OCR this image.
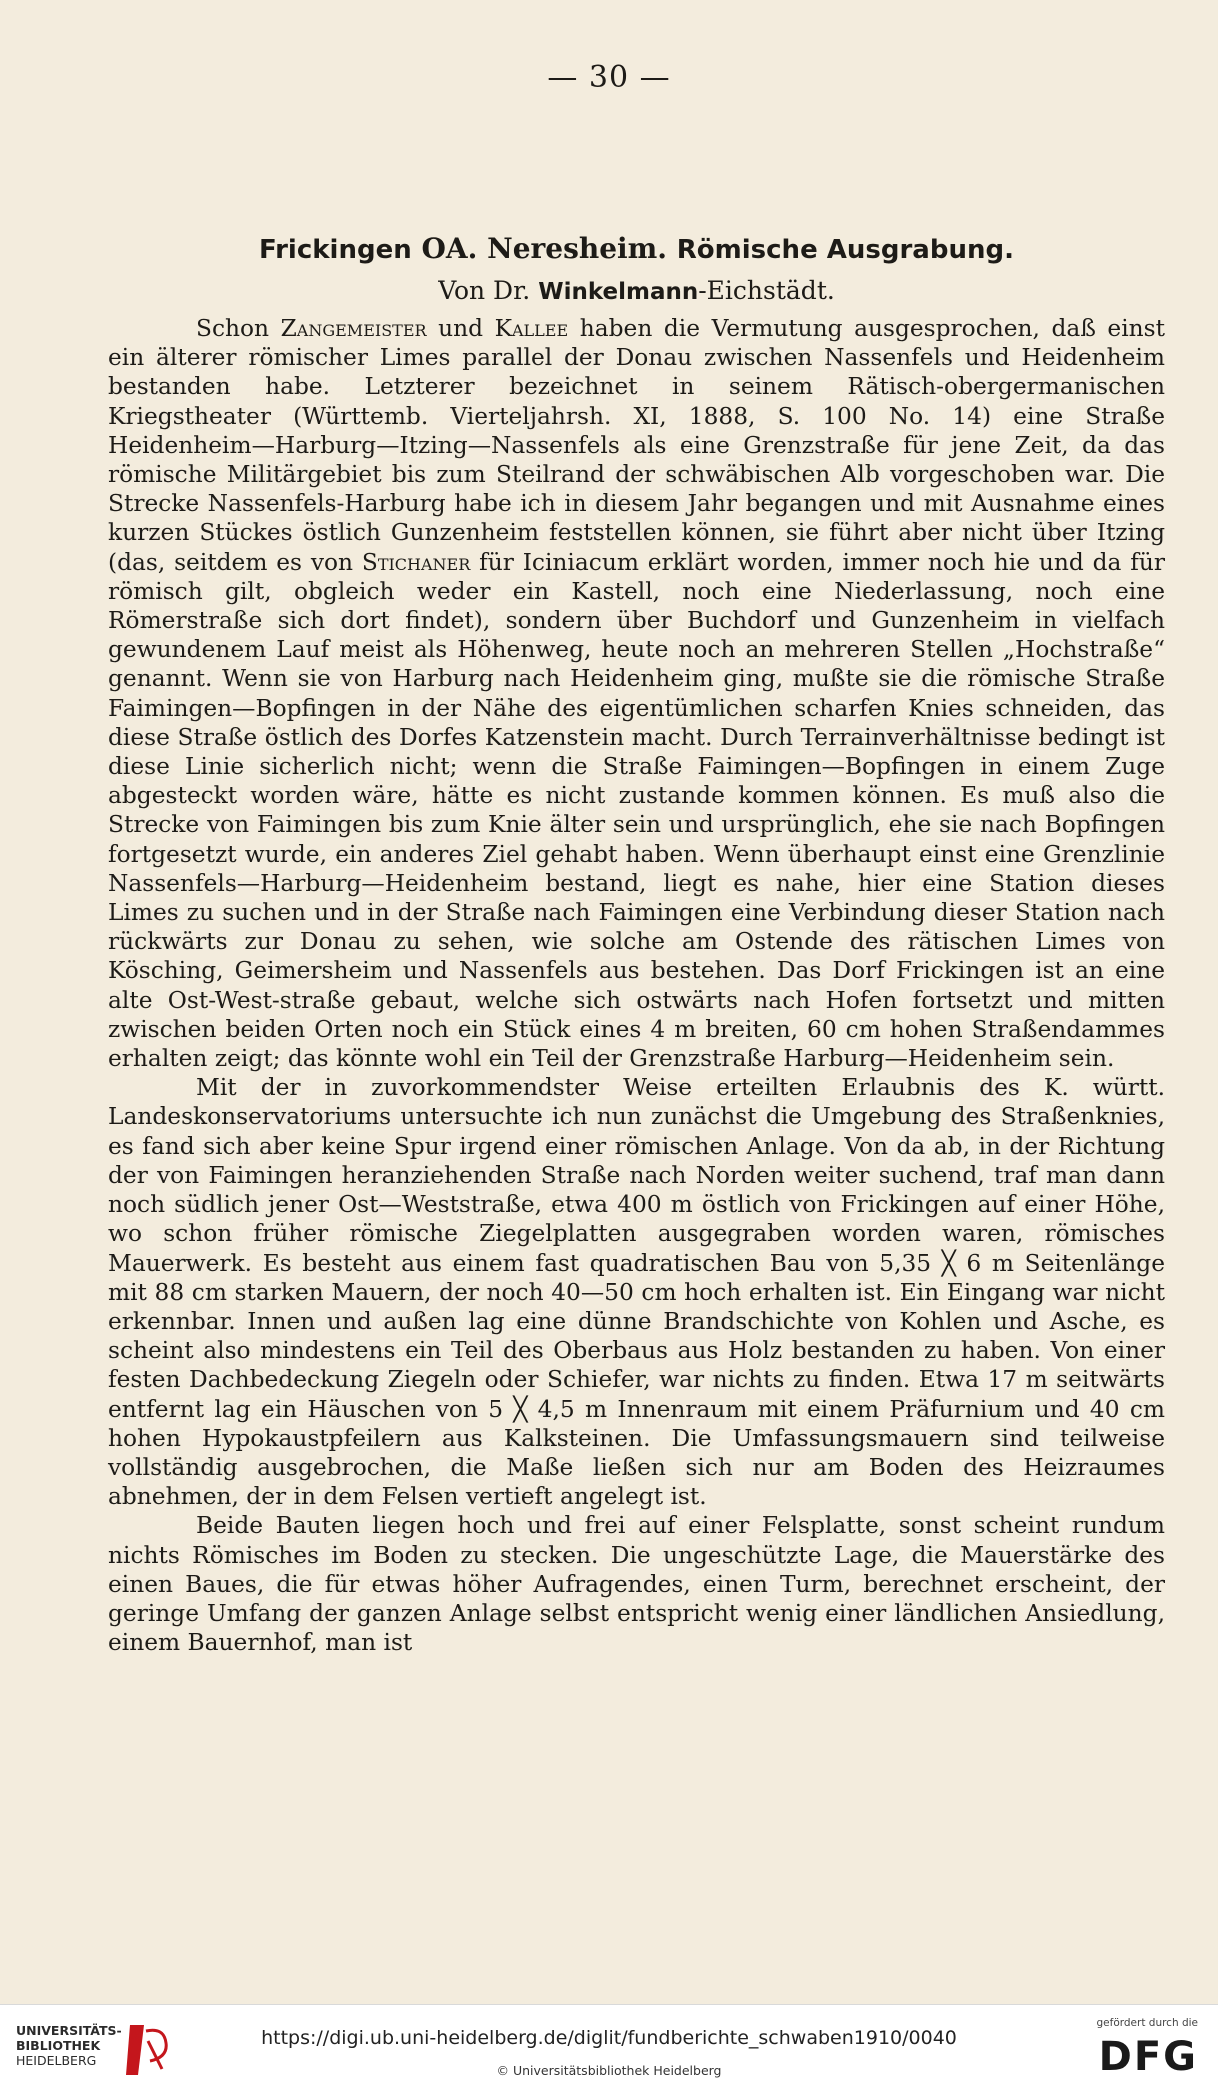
— 30 —
Frickingen OA. Neresheim. Römische Ausgrabung.
Von Dr. Winkelmann-Eichstädt.

Schon Zangemeister und Kallee haben die Vermutung ausgesprochen, daß einst ein älterer römischer Limes parallel der Donau zwischen Nassenfels und Heidenheim bestanden habe. Letzterer bezeichnet in seinem Rätisch-obergermanischen Kriegstheater (Württemb. Vierteljahrsh. XI, 1888, S. 100 No. 14) eine Straße Heidenheim—Harburg—Itzing—Nassenfels als eine Grenzstraße für jene Zeit, da das römische Militärgebiet bis zum Steilrand der schwäbischen Alb vorgeschoben war. Die Strecke Nassenfels-Harburg habe ich in diesem Jahr begangen und mit Ausnahme eines kurzen Stückes östlich Gunzenheim feststellen können, sie führt aber nicht über Itzing (das, seitdem es von Stichaner für Iciniacum erklärt worden, immer noch hie und da für römisch gilt, obgleich weder ein Kastell, noch eine Niederlassung, noch eine Römerstraße sich dort findet), sondern über Buchdorf und Gunzenheim in vielfach gewundenem Lauf meist als Höhenweg, heute noch an mehreren Stellen „Hochstraße“ genannt. Wenn sie von Harburg nach Heidenheim ging, mußte sie die römische Straße Faimingen—Bopfingen in der Nähe des eigentümlichen scharfen Knies schneiden, das diese Straße östlich des Dorfes Katzenstein macht. Durch Terrainverhältnisse bedingt ist diese Linie sicherlich nicht; wenn die Straße Faimingen—Bopfingen in einem Zuge abgesteckt worden wäre, hätte es nicht zustande kommen können. Es muß also die Strecke von Faimingen bis zum Knie älter sein und ursprünglich, ehe sie nach Bopfingen fortgesetzt wurde, ein anderes Ziel gehabt haben. Wenn überhaupt einst eine Grenzlinie Nassenfels—Harburg—Heidenheim bestand, liegt es nahe, hier eine Station dieses Limes zu suchen und in der Straße nach Faimingen eine Verbindung dieser Station nach rückwärts zur Donau zu sehen, wie solche am Ostende des rätischen Limes von Kösching, Geimersheim und Nassenfels aus bestehen. Das Dorf Frickingen ist an eine alte Ost-West-straße gebaut, welche sich ostwärts nach Hofen fortsetzt und mitten zwischen beiden Orten noch ein Stück eines 4 m breiten, 60 cm hohen Straßendammes erhalten zeigt; das könnte wohl ein Teil der Grenzstraße Harburg—Heidenheim sein.

Mit der in zuvorkommendster Weise erteilten Erlaubnis des K. württ. Landeskonservatoriums untersuchte ich nun zunächst die Umgebung des Straßenknies, es fand sich aber keine Spur irgend einer römischen Anlage. Von da ab, in der Richtung der von Faimingen heranziehenden Straße nach Norden weiter suchend, traf man dann noch südlich jener Ost—Weststraße, etwa 400 m östlich von Frickingen auf einer Höhe, wo schon früher römische Ziegelplatten ausgegraben worden waren, römisches Mauerwerk. Es besteht aus einem fast quadratischen Bau von 5,35 ╳ 6 m Seitenlänge mit 88 cm starken Mauern, der noch 40—50 cm hoch erhalten ist. Ein Eingang war nicht erkennbar. Innen und außen lag eine dünne Brandschichte von Kohlen und Asche, es scheint also mindestens ein Teil des Oberbaus aus Holz bestanden zu haben. Von einer festen Dachbedeckung Ziegeln oder Schiefer, war nichts zu finden. Etwa 17 m seitwärts entfernt lag ein Häuschen von 5 ╳ 4,5 m Innenraum mit einem Präfurnium und 40 cm hohen Hypokaustpfeilern aus Kalksteinen. Die Umfassungsmauern sind teilweise vollständig ausgebrochen, die Maße ließen sich nur am Boden des Heizraumes abnehmen, der in dem Felsen vertieft angelegt ist.

Beide Bauten liegen hoch und frei auf einer Felsplatte, sonst scheint rundum nichts Römisches im Boden zu stecken. Die ungeschützte Lage, die Mauerstärke des einen Baues, die für etwas höher Aufragendes, einen Turm, berechnet erscheint, der geringe Umfang der ganzen Anlage selbst entspricht wenig einer ländlichen Ansiedlung, einem Bauernhof, man ist

UNIVERSITÄTS-
BIBLIOTHEK
HEIDELBERG
https://digi.ub.uni-heidelberg.de/diglit/fundberichte_schwaben1910/0040
© Universitätsbibliothek Heidelberg
gefördert durch die
DFG
